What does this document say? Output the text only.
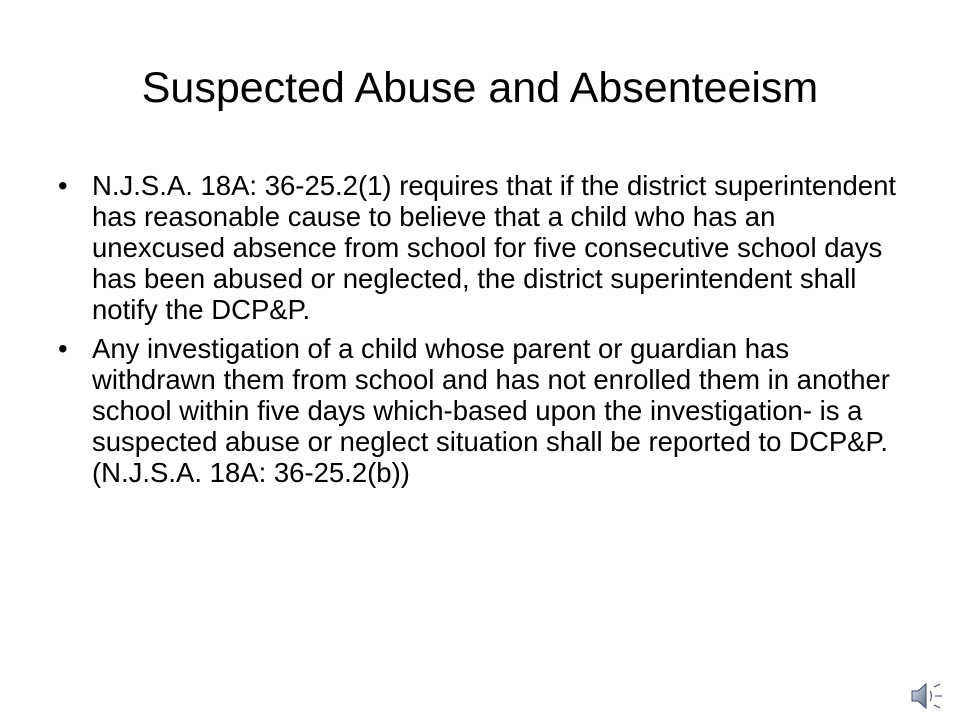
Suspected Abuse and Absenteeism
• N.J.S.A. 18A: 36-25.2(1) requires that if the district superintendent has reasonable cause to believe that a child who has an unexcused absence from school for five consecutive school days has been abused or neglected, the district superintendent shall notify the DCP&P.
• Any investigation of a child whose parent or guardian has withdrawn them from school and has not enrolled them in another school within five days which-based upon the investigation- is a suspected abuse or neglect situation shall be reported to DCP&P. (N.J.S.A. 18A: 36-25.2(b))
